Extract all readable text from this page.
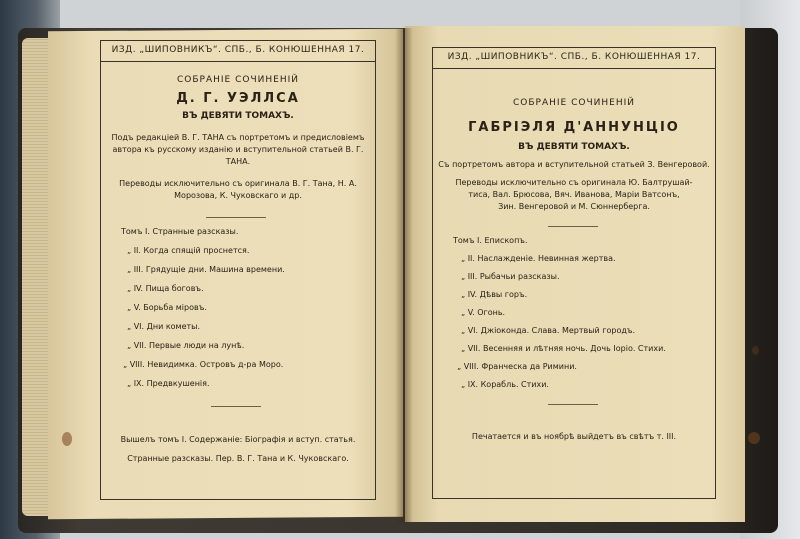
ИЗД. „ШИПОВНИКЪ“. СПБ., Б. КОНЮШЕННАЯ 17.
СОБРАНІЕ СОЧИНЕНІЙ
Д. Г. УЭЛЛСА
ВЪ ДЕВЯТИ ТОМАХЪ.
Подъ редакціей В. Г. ТАНА съ портретомъ и предисловіемъ
автора къ русскому изданію и вступительной статьей В. Г.
ТАНА.
Переводы исключительно съ оригинала В. Г. Тана, Н. А.
Морозова, К. Чуковскаго и др.
Томъ I. Странные разсказы.
„ II. Когда спящій проснется.
„ III. Грядущіе дни. Машина времени.
„ IV. Пища боговъ.
„ V. Борьба міровъ.
„ VI. Дни кометы.
„ VII. Первые люди на лунѣ.
„ VIII. Невидимка. Островъ д-ра Моро.
„ IX. Предвкушенія.
Вышелъ томъ I. Содержаніе: Біографія и вступ. статья.
Странные разсказы. Пер. В. Г. Тана и К. Чуковскаго.
ИЗД. „ШИПОВНИКЪ“. СПБ., Б. КОНЮШЕННАЯ 17.
СОБРАНІЕ СОЧИНЕНІЙ
ГАБРІЭЛЯ Д'АННУНЦІО
ВЪ ДЕВЯТИ ТОМАХЪ.
Съ портретомъ автора и вступительной статьей З. Венгеровой.
Переводы исключительно съ оригинала Ю. Балтрушай-
тиса, Вал. Брюсова, Вяч. Иванова, Маріи Ватсонъ,
Зин. Венгеровой и М. Сюннерберга.
Томъ I. Епископъ.
„ II. Наслажденіе. Невинная жертва.
„ III. Рыбачьи разсказы.
„ IV. Дѣвы горъ.
„ V. Огонь.
„ VI. Джіоконда. Слава. Мертвый городъ.
„ VII. Весенняя и лѣтняя ночь. Дочь Іоріо. Стихи.
„ VIII. Франческа да Римини.
„ IX. Корабль. Стихи.
Печатается и въ ноябрѣ выйдетъ въ свѣтъ т. III.
